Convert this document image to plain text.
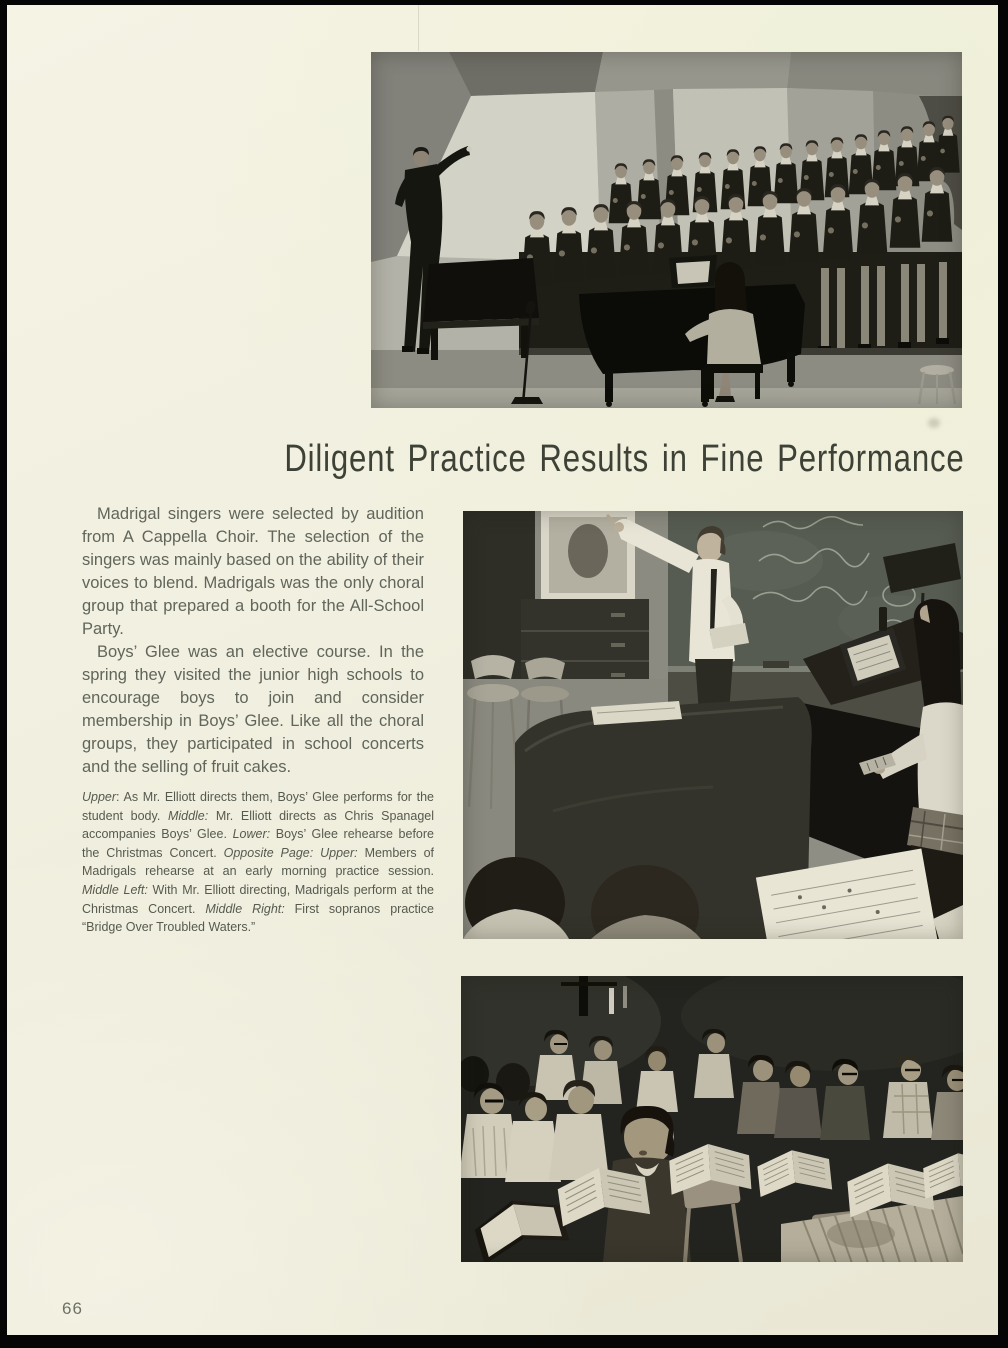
Diligent Practice Results in Fine Performance

Madrigal singers were selected by audition from A Cappella Choir. The selection of the singers was mainly based on the ability of their voices to blend. Madrigals was the only choral group that prepared a booth for the All-School Party.

Boys’ Glee was an elective course. In the spring they visited the junior high schools to encourage boys to join and consider membership in Boys’ Glee. Like all the choral groups, they participated in school concerts and the selling of fruit cakes.

Upper: As Mr. Elliott directs them, Boys’ Glee performs for the student body. Middle: Mr. Elliott directs as Chris Spanagel accompanies Boys’ Glee. Lower: Boys’ Glee rehearse before the Christmas Concert. Opposite Page: Upper: Members of Madrigals rehearse at an early morning practice session. Middle Left: With Mr. Elliott directing, Madrigals perform at the Christmas Concert. Middle Right: First sopranos practice “Bridge Over Troubled Waters.”
66
